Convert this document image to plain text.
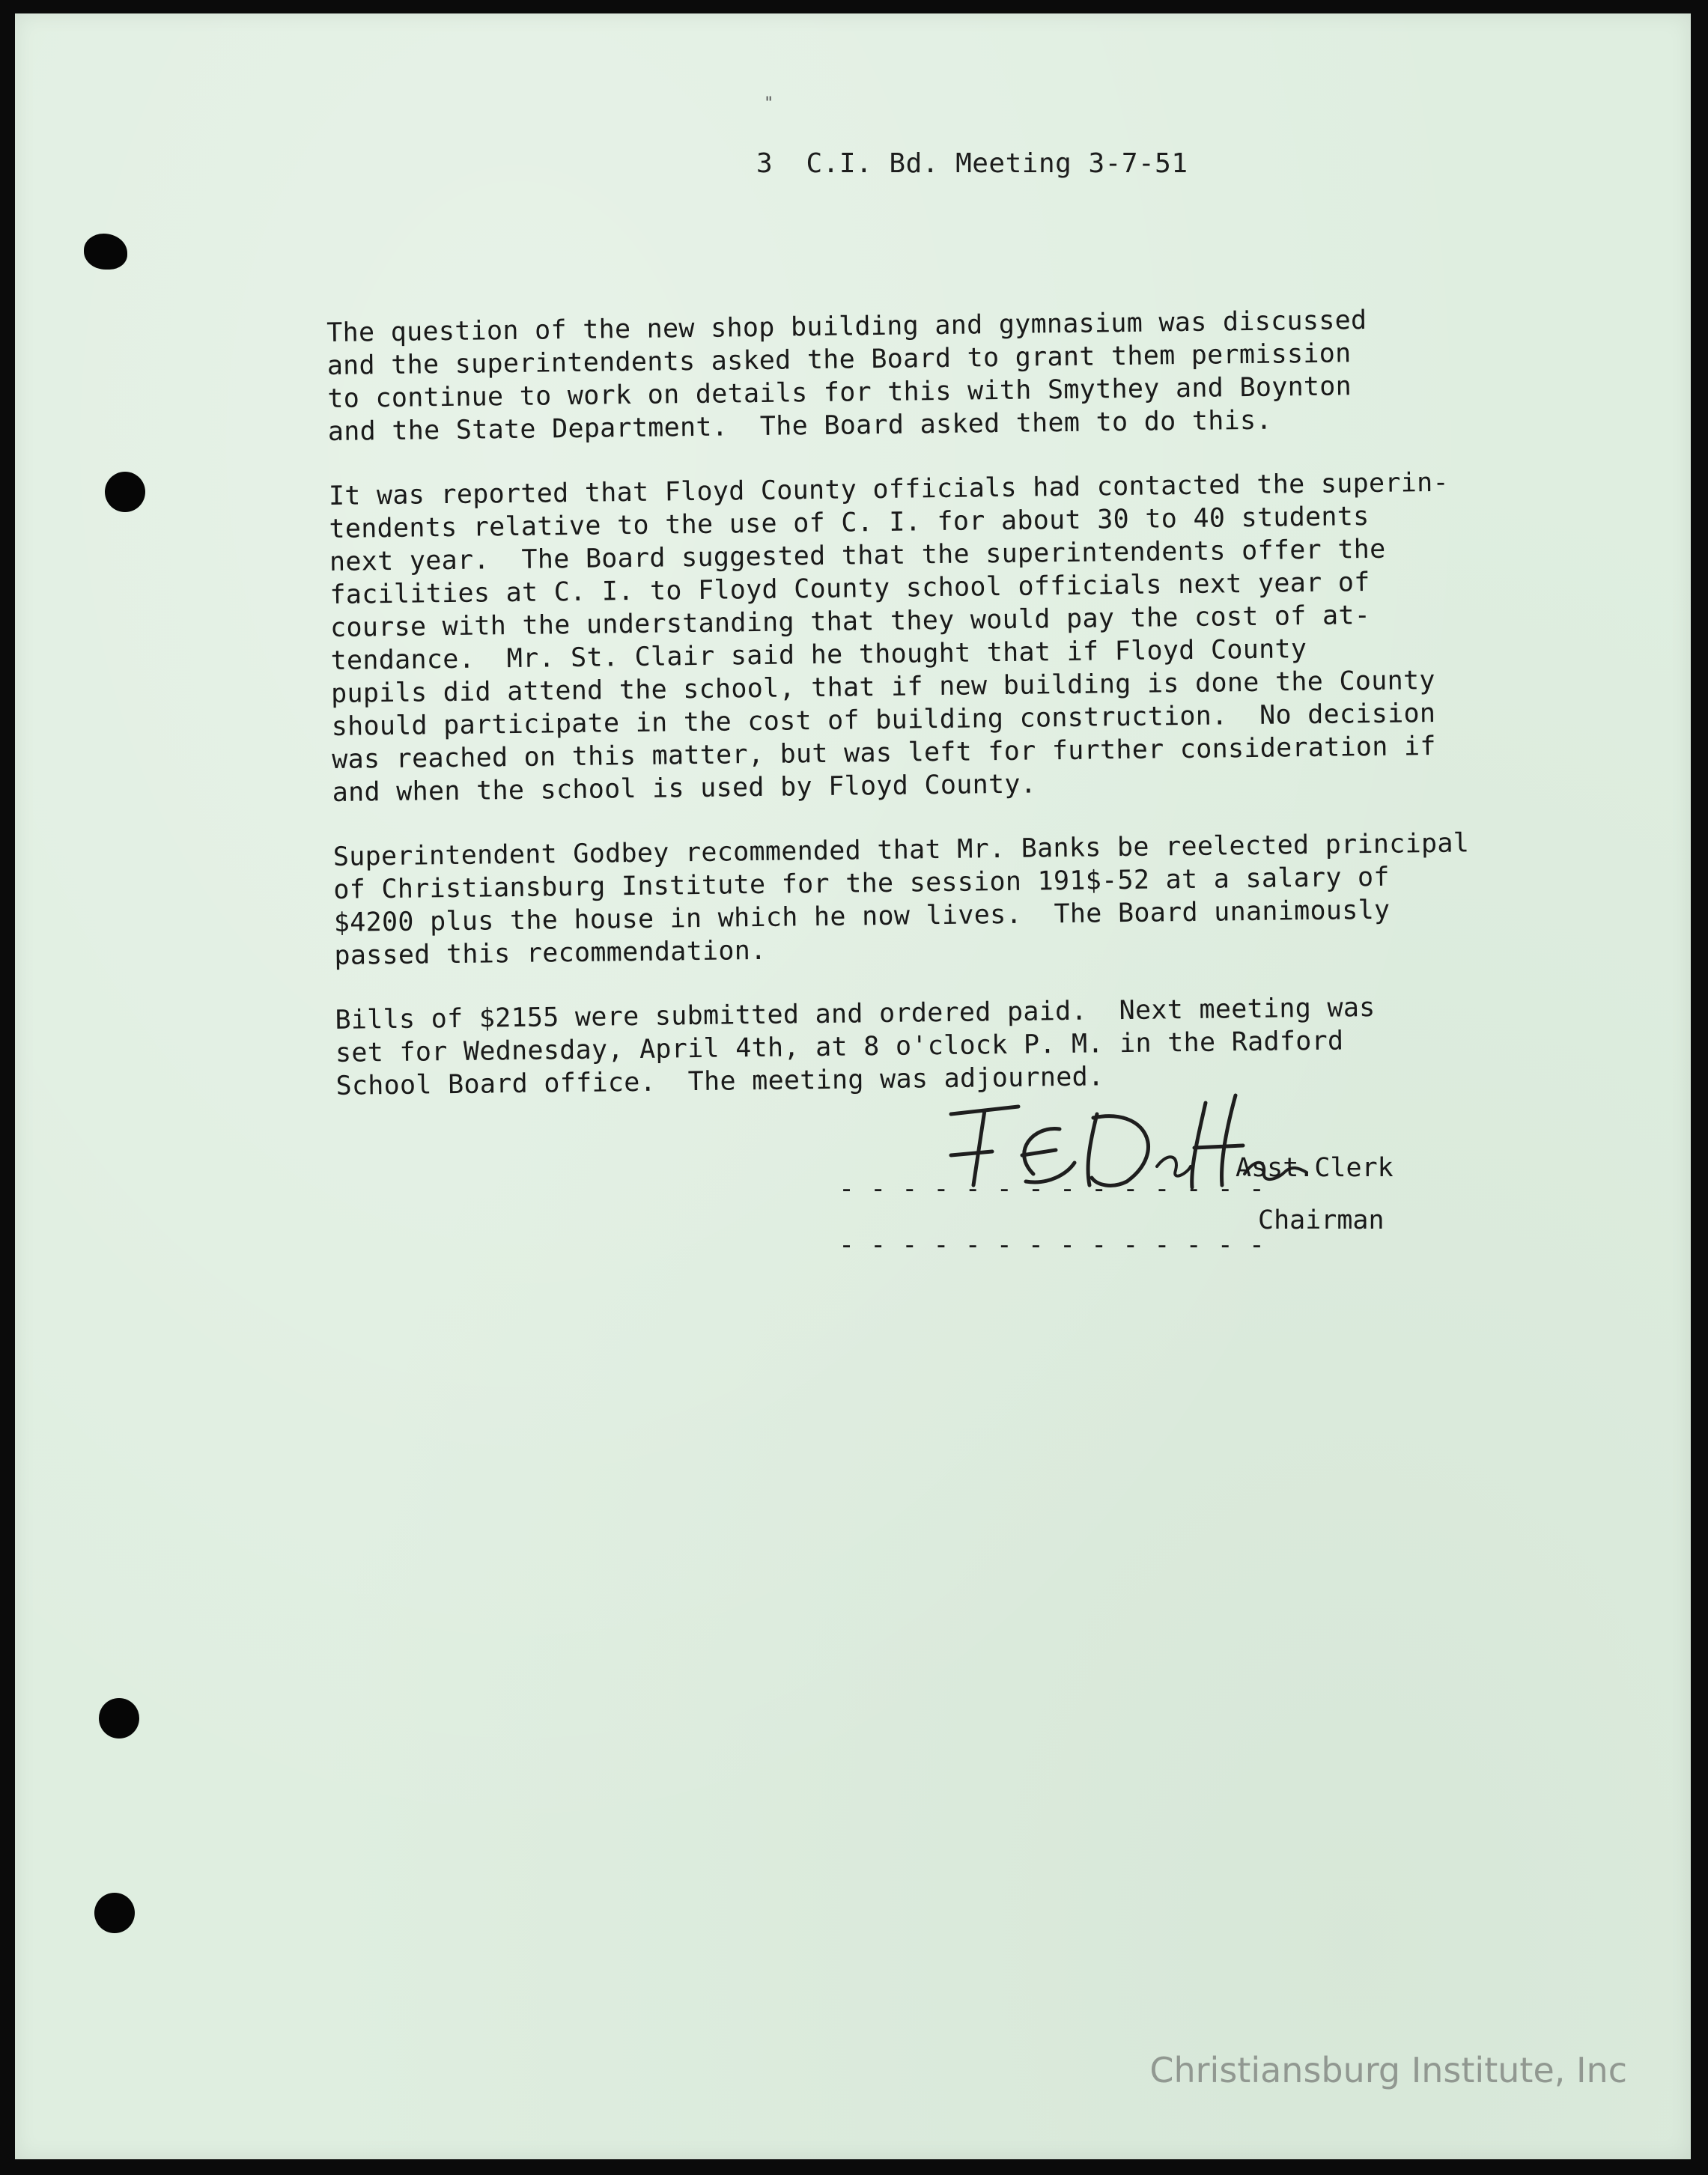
"
3  C.I. Bd. Meeting 3-7-51
The question of the new shop building and gymnasium was discussed
and the superintendents asked the Board to grant them permission
to continue to work on details for this with Smythey and Boynton
and the State Department.  The Board asked them to do this.
It was reported that Floyd County officials had contacted the superin-
tendents relative to the use of C. I. for about 30 to 40 students
next year.  The Board suggested that the superintendents offer the
facilities at C. I. to Floyd County school officials next year of
course with the understanding that they would pay the cost of at-
tendance.  Mr. St. Clair said he thought that if Floyd County
pupils did attend the school, that if new building is done the County
should participate in the cost of building construction.  No decision
was reached on this matter, but was left for further consideration if
and when the school is used by Floyd County.
Superintendent Godbey recommended that Mr. Banks be reelected principal
of Christiansburg Institute for the session 191$-52 at a salary of
$4200 plus the house in which he now lives.  The Board unanimously
passed this recommendation.
Bills of $2155 were submitted and ordered paid.  Next meeting was
set for Wednesday, April 4th, at 8 o'clock P. M. in the Radford
School Board office.  The meeting was adjourned.
- - - - - - - - - - - - - -
Asst.Clerk
- - - - - - - - - - - - - -
Chairman
Christiansburg Institute, Inc
